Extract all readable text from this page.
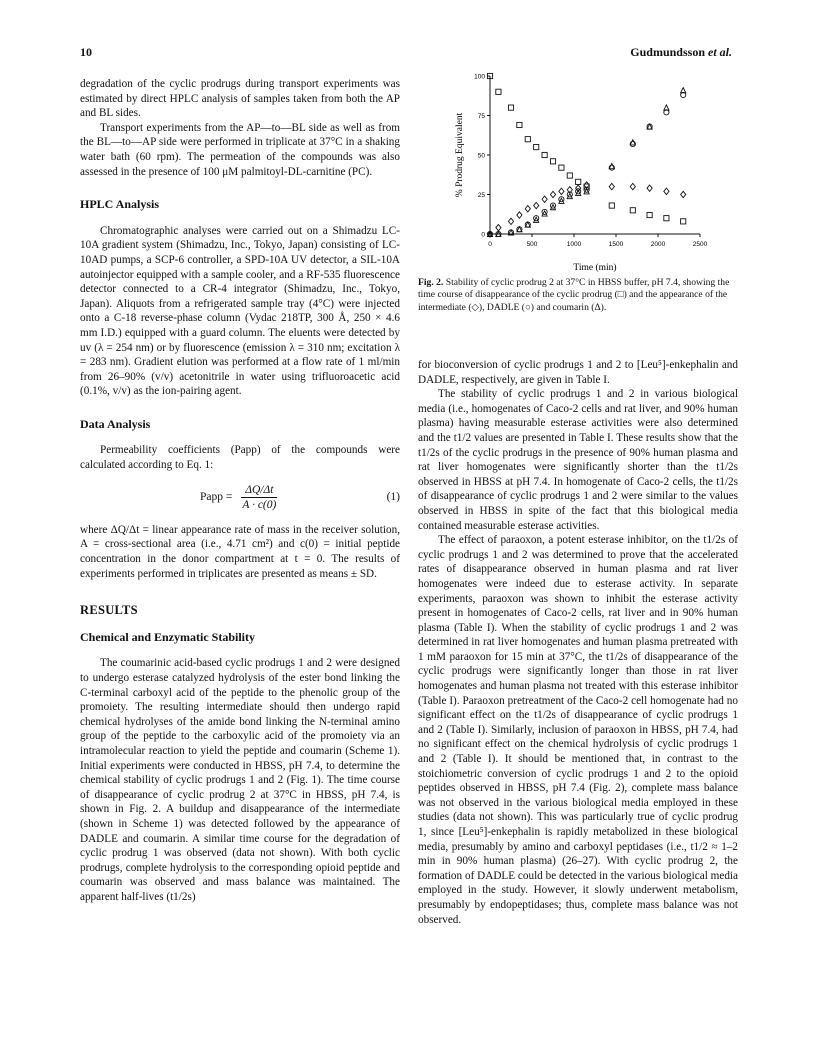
10	Gudmundsson et al.

degradation of the cyclic prodrugs during transport experiments was estimated by direct HPLC analysis of samples taken from both the AP and BL sides.

Transport experiments from the AP—to—BL side as well as from the BL—to—AP side were performed in triplicate at 37°C in a shaking water bath (60 rpm). The permeation of the compounds was also assessed in the presence of 100 μM palmitoyl-DL-carnitine (PC).

HPLC Analysis

Chromatographic analyses were carried out on a Shimadzu LC-10A gradient system (Shimadzu, Inc., Tokyo, Japan) consisting of LC-10AD pumps, a SCP-6 controller, a SPD-10A UV detector, a SIL-10A autoinjector equipped with a sample cooler, and a RF-535 fluorescence detector connected to a CR-4 integrator (Shimadzu, Inc., Tokyo, Japan). Aliquots from a refrigerated sample tray (4°C) were injected onto a C-18 reverse-phase column (Vydac 218TP, 300 Å, 250 × 4.6 mm I.D.) equipped with a guard column. The eluents were detected by uv (λ = 254 nm) or by fluorescence (emission λ = 310 nm; excitation λ = 283 nm). Gradient elution was performed at a flow rate of 1 ml/min from 26–90% (v/v) acetonitrile in water using trifluoroacetic acid (0.1%, v/v) as the ion-pairing agent.

Data Analysis

Permeability coefficients (Papp) of the compounds were calculated according to Eq. 1:

Papp = $\frac{\Delta Q/\Delta t}{A \cdot c(0)}$	(1)

where ΔQ/Δt = linear appearance rate of mass in the receiver solution, A = cross-sectional area (i.e., 4.71 cm²) and c(0) = initial peptide concentration in the donor compartment at t = 0. The results of experiments performed in triplicates are presented as means ± SD.

RESULTS
Chemical and Enzymatic Stability

The coumarinic acid-based cyclic prodrugs 1 and 2 were designed to undergo esterase catalyzed hydrolysis of the ester bond linking the C-terminal carboxyl acid of the peptide to the phenolic group of the promoiety. The resulting intermediate should then undergo rapid chemical hydrolyses of the amide bond linking the N-terminal amino group of the peptide to the carboxylic acid of the promoiety via an intramolecular reaction to yield the peptide and coumarin (Scheme 1). Initial experiments were conducted in HBSS, pH 7.4, to determine the chemical stability of cyclic prodrugs 1 and 2 (Fig. 1). The time course of disappearance of cyclic prodrug 2 at 37°C in HBSS, pH 7.4, is shown in Fig. 2. A buildup and disappearance of the intermediate (shown in Scheme 1) was detected followed by the appearance of DADLE and coumarin. A similar time course for the degradation of cyclic prodrug 1 was observed (data not shown). With both cyclic prodrugs, complete hydrolysis to the corresponding opioid peptide and coumarin was observed and mass balance was maintained. The apparent half-lives (t1/2s)

0	500	1000	1500	2000	2500
0
25
50
75
100
Time (min)
% Prodrug Equivalent
Fig. 2. Stability of cyclic prodrug 2 at 37°C in HBSS buffer, pH 7.4, showing the time course of disappearance of the cyclic prodrug (□) and the appearance of the intermediate (◇), DADLE (○) and coumarin (Δ).

for bioconversion of cyclic prodrugs 1 and 2 to [Leu⁵]-enkephalin and DADLE, respectively, are given in Table I.

The stability of cyclic prodrugs 1 and 2 in various biological media (i.e., homogenates of Caco-2 cells and rat liver, and 90% human plasma) having measurable esterase activities were also determined and the t1/2 values are presented in Table I. These results show that the t1/2s of the cyclic prodrugs in the presence of 90% human plasma and rat liver homogenates were significantly shorter than the t1/2s observed in HBSS at pH 7.4. In homogenate of Caco-2 cells, the t1/2s of disappearance of cyclic prodrugs 1 and 2 were similar to the values observed in HBSS in spite of the fact that this biological media contained measurable esterase activities.

The effect of paraoxon, a potent esterase inhibitor, on the t1/2s of cyclic prodrugs 1 and 2 was determined to prove that the accelerated rates of disappearance observed in human plasma and rat liver homogenates were indeed due to esterase activity. In separate experiments, paraoxon was shown to inhibit the esterase activity present in homogenates of Caco-2 cells, rat liver and in 90% human plasma (Table I). When the stability of cyclic prodrugs 1 and 2 was determined in rat liver homogenates and human plasma pretreated with 1 mM paraoxon for 15 min at 37°C, the t1/2s of disappearance of the cyclic prodrugs were significantly longer than those in rat liver homogenates and human plasma not treated with this esterase inhibitor (Table I). Paraoxon pretreatment of the Caco-2 cell homogenate had no significant effect on the t1/2s of disappearance of cyclic prodrugs 1 and 2 (Table I). Similarly, inclusion of paraoxon in HBSS, pH 7.4, had no significant effect on the chemical hydrolysis of cyclic prodrugs 1 and 2 (Table I). It should be mentioned that, in contrast to the stoichiometric conversion of cyclic prodrugs 1 and 2 to the opioid peptides observed in HBSS, pH 7.4 (Fig. 2), complete mass balance was not observed in the various biological media employed in these studies (data not shown). This was particularly true of cyclic prodrug 1, since [Leu⁵]-enkephalin is rapidly metabolized in these biological media, presumably by amino and carboxyl peptidases (i.e., t1/2 ≈ 1–2 min in 90% human plasma) (26–27). With cyclic prodrug 2, the formation of DADLE could be detected in the various biological media employed in the study. However, it slowly underwent metabolism, presumably by endopeptidases; thus, complete mass balance was not observed.
